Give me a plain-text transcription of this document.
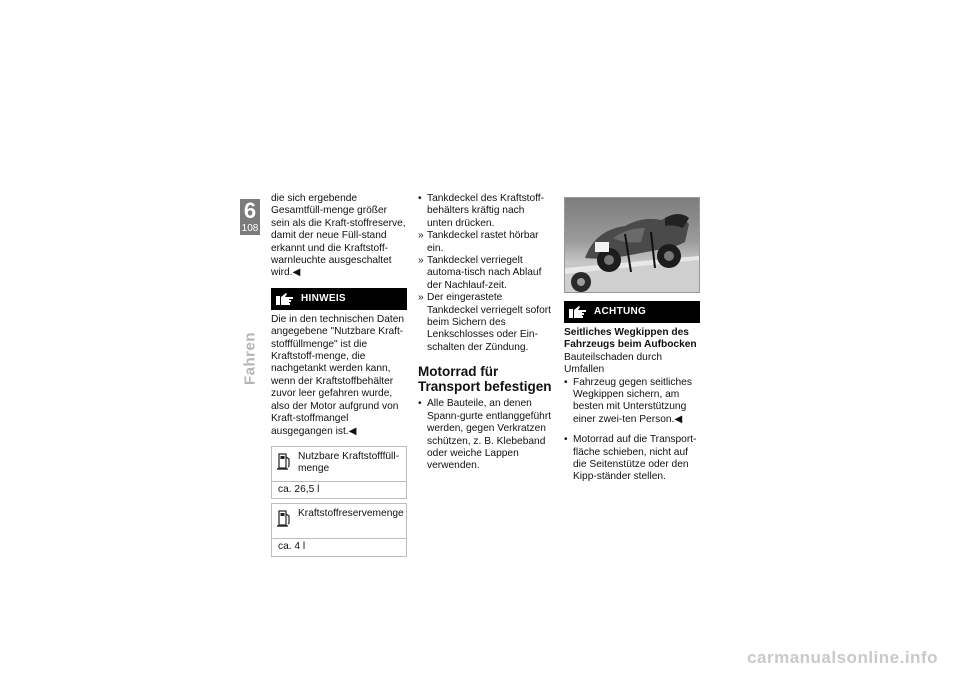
6
108
Fahren

die sich ergebende Gesamtfüll-menge größer sein als die Kraft-stoffreserve, damit der neue Füll-stand erkannt und die Kraftstoff-warnleuchte ausgeschaltet wird.◀

HINWEIS

Die in den technischen Daten angegebene "Nutzbare Kraft-stofffüllmenge" ist die Kraftstoff-menge, die nachgetankt werden kann, wenn der Kraftstoffbehälter zuvor leer gefahren wurde, also der Motor aufgrund von Kraft-stoffmangel ausgegangen ist.◀

Nutzbare Kraftstofffüll-menge
ca. 26,5 l
Kraftstoffreservemenge
ca. 4 l
• Tankdeckel des Kraftstoff-behälters kräftig nach unten drücken.
» Tankdeckel rastet hörbar ein.
» Tankdeckel verriegelt automa-tisch nach Ablauf der Nachlauf-zeit.
» Der eingerastete Tankdeckel verriegelt sofort beim Sichern des Lenkschlosses oder Ein-schalten der Zündung.
Motorrad für Transport befestigen
• Alle Bauteile, an denen Spann-gurte entlanggeführt werden, gegen Verkratzen schützen, z. B. Klebeband oder weiche Lappen verwenden.
ACHTUNG

Seitliches Wegkippen des Fahrzeugs beim Aufbocken

Bauteilschaden durch Umfallen

• Fahrzeug gegen seitliches Wegkippen sichern, am besten mit Unterstützung einer zwei-ten Person.◀
• Motorrad auf die Transport-fläche schieben, nicht auf die Seitenstütze oder den Kipp-ständer stellen.
carmanualsonline.info
